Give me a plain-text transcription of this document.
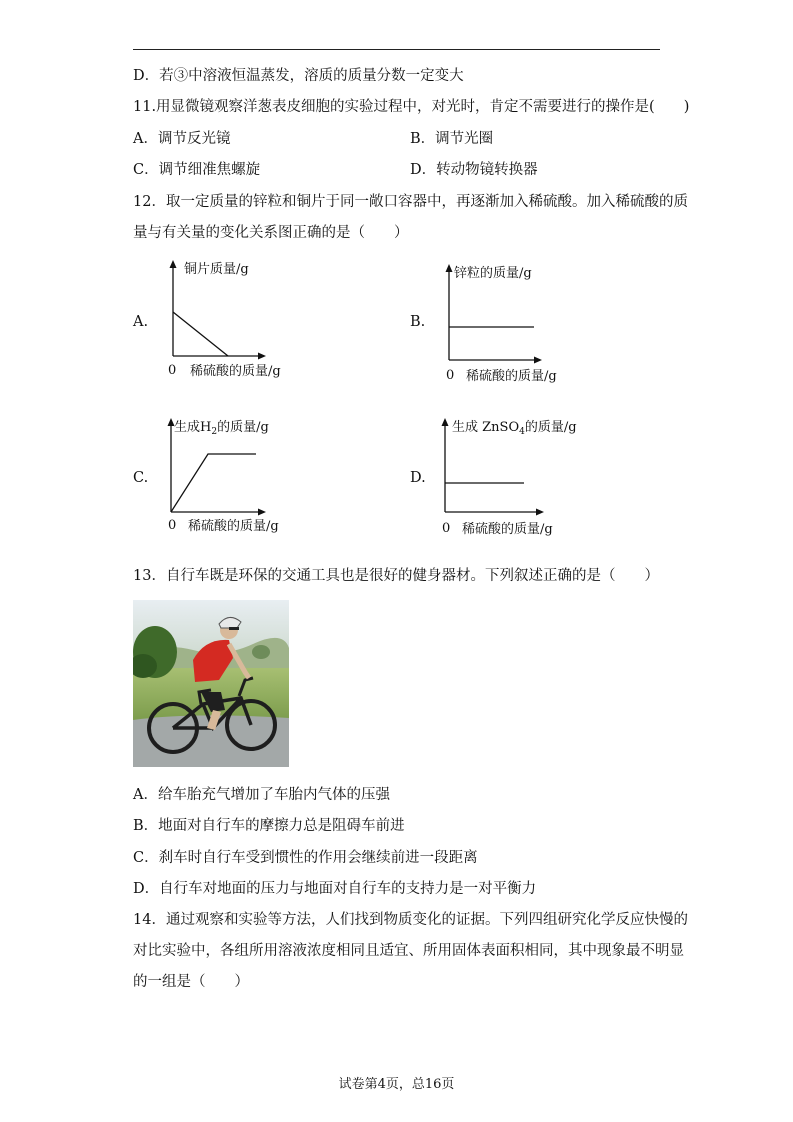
D．若③中溶液恒温蒸发，溶质的质量分数一定变大
11.用显微镜观察洋葱表皮细胞的实验过程中，对光时，肯定不需要进行的操作是(　　)
A．调节反光镜	B．调节光圈
C．调节细准焦螺旋	D．转动物镜转换器
12．取一定质量的锌粒和铜片于同一敞口容器中，再逐渐加入稀硫酸。加入稀硫酸的质
量与有关量的变化关系图正确的是（　　）
A.
铜片质量/g
0 稀硫酸的质量/g
B.
锌粒的质量/g
0 稀硫酸的质量/g
C.
生成$H_2$的质量/g
0 稀硫酸的质量/g
D.
生成 ZnSO$_4$的质量/g
0 稀硫酸的质量/g
13．自行车既是环保的交通工具也是很好的健身器材。下列叙述正确的是（　　）
A．给车胎充气增加了车胎内气体的压强
B．地面对自行车的摩擦力总是阻碍车前进
C．刹车时自行车受到惯性的作用会继续前进一段距离
D．自行车对地面的压力与地面对自行车的支持力是一对平衡力
14．通过观察和实验等方法，人们找到物质变化的证据。下列四组研究化学反应快慢的
对比实验中，各组所用溶液浓度相同且适宜、所用固体表面积相同，其中现象最不明显
的一组是（　　）
试卷第4页，总16页
